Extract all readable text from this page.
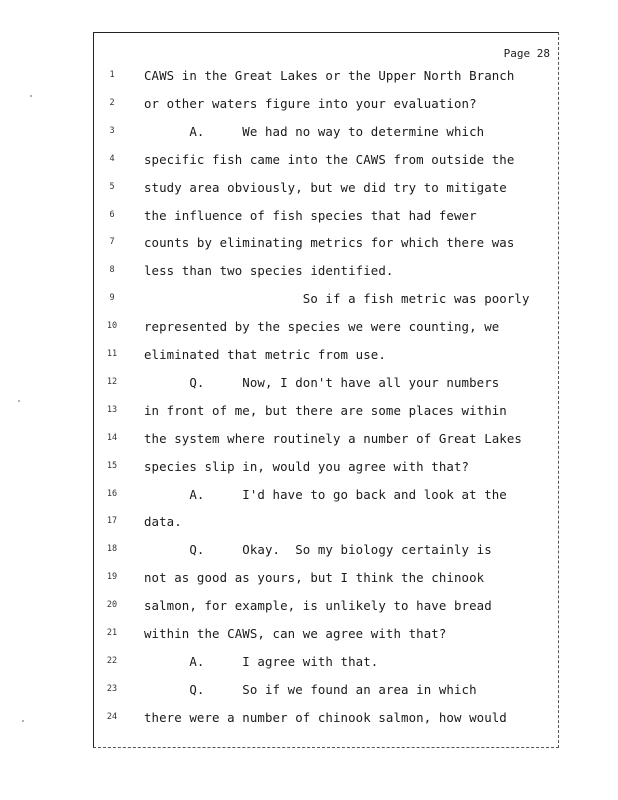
Page 28
1	CAWS in the Great Lakes or the Upper North Branch
2	or other waters figure into your evaluation?
3	A.     We had no way to determine which
4	specific fish came into the CAWS from outside the
5	study area obviously, but we did try to mitigate
6	the influence of fish species that had fewer
7	counts by eliminating metrics for which there was
8	less than two species identified.
9	So if a fish metric was poorly
10	represented by the species we were counting, we
11	eliminated that metric from use.
12	Q.     Now, I don't have all your numbers
13	in front of me, but there are some places within
14	the system where routinely a number of Great Lakes
15	species slip in, would you agree with that?
16	A.     I'd have to go back and look at the
17	data.
18	Q.     Okay.  So my biology certainly is
19	not as good as yours, but I think the chinook
20	salmon, for example, is unlikely to have bread
21	within the CAWS, can we agree with that?
22	A.     I agree with that.
23	Q.     So if we found an area in which
24	there were a number of chinook salmon, how would
